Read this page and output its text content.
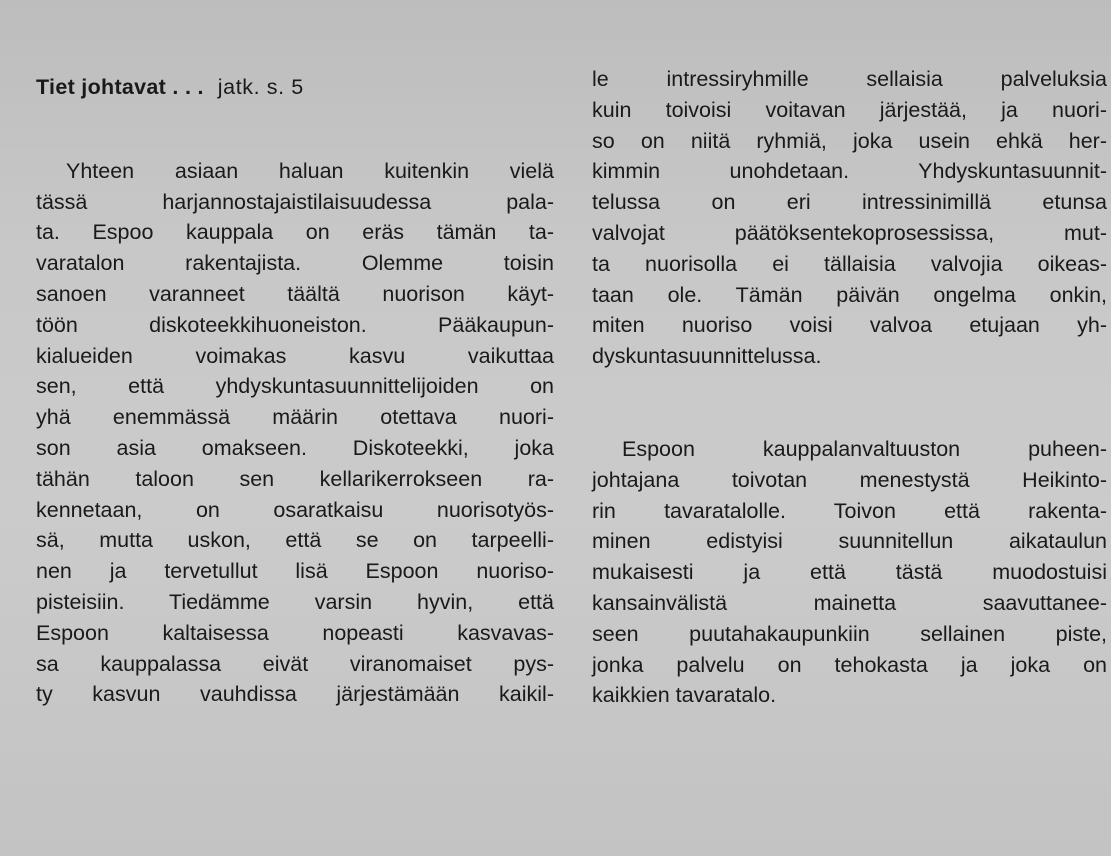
Tiet johtavat . . . jatk. s. 5

Yhteen asiaan haluan kuitenkin vielä
tässä harjannostajaistilaisuudessa pala-
ta. Espoo kauppala on eräs tämän ta-
varatalon rakentajista. Olemme toisin
sanoen varanneet täältä nuorison käyt-
töön diskoteekkihuoneiston. Pääkaupun-
kialueiden voimakas kasvu vaikuttaa
sen, että yhdyskuntasuunnittelijoiden on
yhä enemmässä määrin otettava nuori-
son asia omakseen. Diskoteekki, joka
tähän taloon sen kellarikerrokseen ra-
kennetaan, on osaratkaisu nuorisotyös-
sä, mutta uskon, että se on tarpeelli-
nen ja tervetullut lisä Espoon nuoriso-
pisteisiin. Tiedämme varsin hyvin, että
Espoon kaltaisessa nopeasti kasvavas-
sa kauppalassa eivät viranomaiset pys-
ty kasvun vauhdissa järjestämään kaikil-

le intressiryhmille sellaisia palveluksia
kuin toivoisi voitavan järjestää, ja nuori-
so on niitä ryhmiä, joka usein ehkä her-
kimmin unohdetaan. Yhdyskuntasuunnit-
telussa on eri intressinimillä etunsa
valvojat päätöksentekoprosessissa, mut-
ta nuorisolla ei tällaisia valvojia oikeas-
taan ole. Tämän päivän ongelma onkin,
miten nuoriso voisi valvoa etujaan yh-
dyskuntasuunnittelussa.

Espoon kauppalanvaltuuston puheen-
johtajana toivotan menestystä Heikinto-
rin tavaratalolle. Toivon että rakenta-
minen edistyisi suunnitellun aikataulun
mukaisesti ja että tästä muodostuisi
kansainvälistä mainetta saavuttanee-
seen puutahakaupunkiin sellainen piste,
jonka palvelu on tehokasta ja joka on
kaikkien tavaratalo.
